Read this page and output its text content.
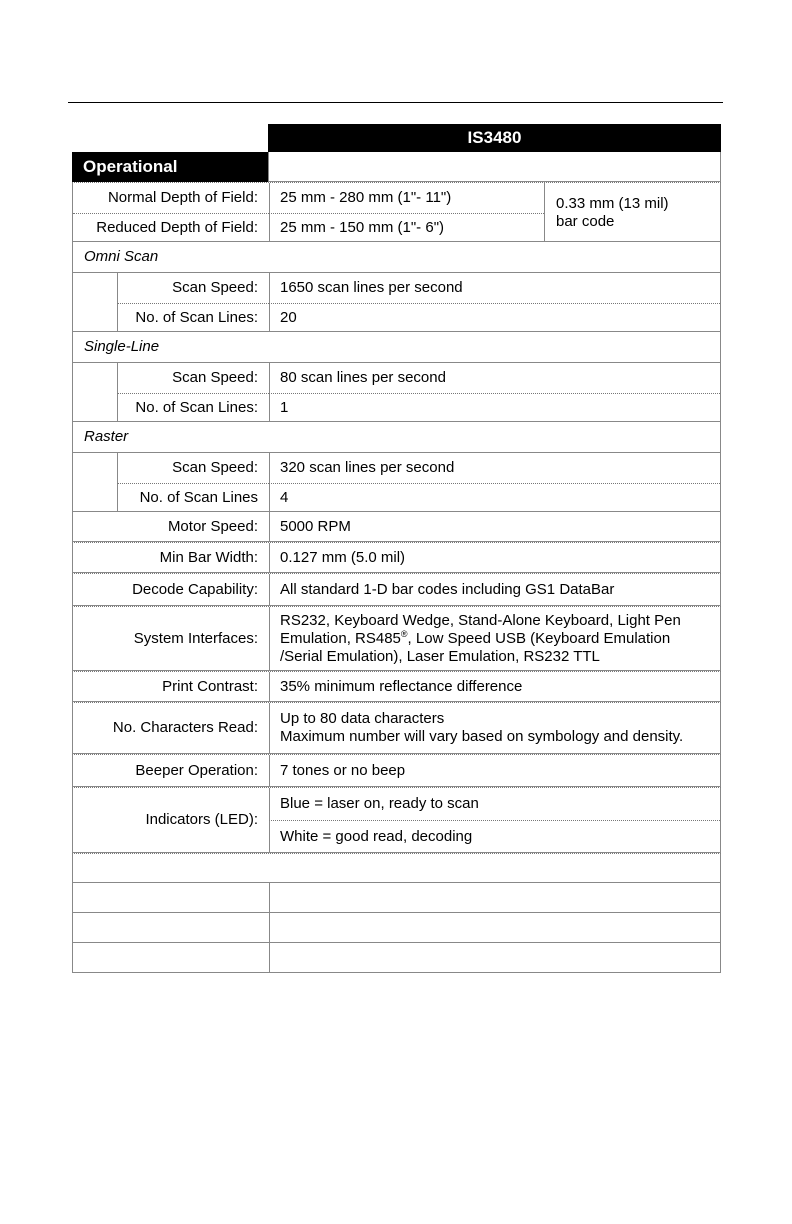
IS3480
Operational
Normal Depth of Field:	25 mm - 280 mm (1"- 11")
Reduced Depth of Field:	25 mm - 150 mm (1"- 6")
0.33 mm (13 mil)
bar code
Omni Scan
Scan Speed:	1650 scan lines per second
No. of Scan Lines:	20
Single-Line
Scan Speed:	80 scan lines per second
No. of Scan Lines:	1
Raster
Scan Speed:	320 scan lines per second
No. of Scan Lines	4
Motor Speed:	5000 RPM
Min Bar Width:	0.127 mm (5.0 mil)
Decode Capability:	All standard 1-D bar codes including GS1 DataBar
System Interfaces:
RS232, Keyboard Wedge, Stand-Alone Keyboard, Light Pen
Emulation, RS485®, Low Speed USB (Keyboard Emulation
/Serial Emulation), Laser Emulation, RS232 TTL
Print Contrast:	35% minimum reflectance difference
No. Characters Read:
Up to 80 data characters
Maximum number will vary based on symbology and density.
Beeper Operation:	7 tones or no beep
Indicators (LED):
Blue = laser on, ready to scan
White = good read, decoding
